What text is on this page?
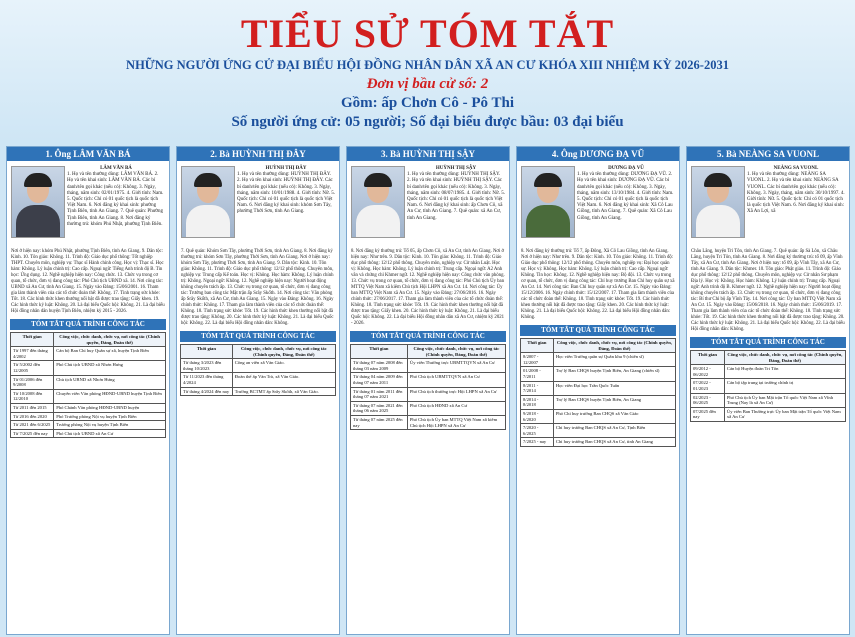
TIỂU SỬ TÓM TẮT
NHỮNG NGƯỜI ỨNG CỬ ĐẠI BIỂU HỘI ĐỒNG NHÂN DÂN XÃ AN CƯ KHÓA XIII NHIỆM KỲ 2026-2031
Đơn vị bầu cử số: 2
Gồm: ấp Chơn Cô - Pô Thi
Số người ứng cử: 05 người; Số đại biểu được bầu: 03 đại biểu
1. Ông LÂM VĂN BÁ
LÂM VĂN BÁ
1. Họ và tên thường dùng: LÂM VĂN BÁ. 2. Họ và tên khai sinh: LÂM VĂN BÁ. Các bí danh/tên gọi khác (nếu có): Không. 3. Ngày, tháng, năm sinh: 02/01/1975. 4. Giới tính: Nam. 5. Quốc tịch: Chỉ có 01 quốc tịch là quốc tịch Việt Nam. 6. Nơi đăng ký khai sinh: phường Tịnh Biên, tỉnh An Giang. 7. Quê quán: Phường Tịnh Biên, tỉnh An Giang. 8. Nơi đăng ký thường trú: khóm Phú Nhật, phường Tịnh Biên.
Nơi ở hiện nay: khóm Phú Nhật, phường Tịnh Biên, tỉnh An Giang. 9. Dân tộc: Kinh. 10. Tôn giáo: Không. 11. Trình độ: Giáo dục phổ thông: Tốt nghiệp THPT. Chuyên môn, nghiệp vụ: Thạc sĩ Hành chính công. Học vị: Thạc sĩ. Học hàm: Không. Lý luận chính trị: Cao cấp. Ngoại ngữ: Tiếng Anh trình độ B. Tin học: Ứng dụng. 12. Nghề nghiệp hiện nay: Công chức. 13. Chức vụ trong cơ quan, tổ chức, đơn vị đang công tác: Phó Chủ tịch UBND xã. 14. Nơi công tác: UBND xã An Cư, tỉnh An Giang. 15. Ngày vào Đảng: 15/06/2001. 16. Tham gia làm thành viên của các tổ chức đoàn thể: Không. 17. Tình trạng sức khỏe: Tốt. 18. Các hình thức khen thưởng nổi bật đã được trao tặng: Giấy khen. 19. Các hình thức kỷ luật: Không. 20. Là đại biểu Quốc hội: Không. 21. Là đại biểu Hội đồng nhân dân huyện Tịnh Biên, nhiệm kỳ 2015 - 2026.
TÓM TẮT QUÁ TRÌNH CÔNG TÁC
Thời gian	Công việc, chức danh, chức vụ, nơi công tác (Chính quyền, Đảng, Đoàn thể)
Từ 1997 đến tháng 4/2002	Cán bộ Ban Chỉ huy Quân sự xã, huyện Tịnh Biên
Từ 5/2002 đến 12/2005	Phó Chủ tịch UBND xã Nhơn Hưng
Từ 01/2006 đến 9/2008	Chủ tịch UBND xã Nhơn Hưng
Từ 10/2008 đến 12/2010	Chuyên viên Văn phòng HĐND-UBND huyện Tịnh Biên
Từ 2011 đến 2015	Phó Chánh Văn phòng HĐND-UBND huyện
Từ 2016 đến 2020	Phó Trưởng phòng Nội vụ huyện Tịnh Biên
Từ 2021 đến 6/2025	Trưởng phòng Nội vụ huyện Tịnh Biên
Từ 7/2025 đến nay	Phó Chủ tịch UBND xã An Cư
2. Bà HUỲNH THỊ ĐÂY
HUỲNH THỊ ĐÂY
1. Họ và tên thường dùng: HUỲNH THỊ ĐÂY. 2. Họ và tên khai sinh: HUỲNH THỊ ĐÂY. Các bí danh/tên gọi khác (nếu có): Không. 3. Ngày, tháng, năm sinh: 10/01/1988. 4. Giới tính: Nữ. 5. Quốc tịch: Chỉ có 01 quốc tịch là quốc tịch Việt Nam. 6. Nơi đăng ký khai sinh: khóm Sơn Tây, phường Thới Sơn, tỉnh An Giang.
7. Quê quán: Khóm Sơn Tây, phường Thới Sơn, tỉnh An Giang. 8. Nơi đăng ký thường trú: khóm Sơn Tây, phường Thới Sơn, tỉnh An Giang. Nơi ở hiện nay: khóm Sơn Tây, phường Thới Sơn, tỉnh An Giang. 9. Dân tộc: Kinh. 10. Tôn giáo: Không. 11. Trình độ: Giáo dục phổ thông: 12/12 phổ thông. Chuyên môn, nghiệp vụ: Trung cấp Kế toán. Học vị: Không. Học hàm: Không. Lý luận chính trị: Không. Ngoại ngữ: Không. 12. Nghề nghiệp hiện nay: Người hoạt động không chuyên trách ấp. 13. Chức vụ trong cơ quan, tổ chức, đơn vị đang công tác: Trưởng ban công tác Mặt trận ấp Srây Skốth. 14. Nơi công tác: Văn phòng ấp Srây Skốth, xã An Cư, tỉnh An Giang. 15. Ngày vào Đảng: Không. 16. Ngày chính thức: Không. 17. Tham gia làm thành viên của các tổ chức đoàn thể: Không. 18. Tình trạng sức khỏe: Tốt. 19. Các hình thức khen thưởng nổi bật đã được trao tặng: Không. 20. Các hình thức kỷ luật: Không. 21. Là đại biểu Quốc hội: Không. 22. Là đại biểu Hội đồng nhân dân: Không.
TÓM TẮT QUÁ TRÌNH CÔNG TÁC
Thời gian	Công việc, chức danh, chức vụ, nơi công tác (Chính quyền, Đảng, Đoàn thể)
Từ tháng 3/2023 đến tháng 10/2023	Công an viên xã Văn Giáo.
Từ 11/2023 đến tháng 4/2024	Đoàn thể ấp Văn Trà, xã Văn Giáo.
Từ tháng 4/2024 đến nay	Trưởng BCTMT ấp Srây Skốth, xã Văn Giáo.
3. Bà HUỲNH THỊ SẬY
HUỲNH THỊ SẬY
1. Họ và tên thường dùng: HUỲNH THỊ SẬY. 2. Họ và tên khai sinh: HUỲNH THỊ SẬY. Các bí danh/tên gọi khác (nếu có): Không. 3. Ngày, tháng, năm sinh: 08/07/1985. 4. Giới tính: Nữ. 5. Quốc tịch: Chỉ có 01 quốc tịch là quốc tịch Việt Nam. 6. Nơi đăng ký khai sinh: ấp Chơn Cô, xã An Cư, tỉnh An Giang. 7. Quê quán: xã An Cư, tỉnh An Giang.
8. Nơi đăng ký thường trú: Tổ 05, ấp Chơn Cô, xã An Cư, tỉnh An Giang. Nơi ở hiện nay: Như trên. 9. Dân tộc: Kinh. 10. Tôn giáo: Không. 11. Trình độ: Giáo dục phổ thông: 12/12 phổ thông. Chuyên môn, nghiệp vụ: Cử nhân Luật. Học vị: Không. Học hàm: Không. Lý luận chính trị: Trung cấp. Ngoại ngữ: A2 Anh văn và chứng chỉ Khmer ngữ. 12. Nghề nghiệp hiện nay: Công chức văn phòng. 13. Chức vụ trong cơ quan, tổ chức, đơn vị đang công tác: Phó Chủ tịch Ủy ban MTTQ Việt Nam xã kiêm Chủ tịch Hội LHPN xã An Cư. 14. Nơi công tác: Ủy ban MTTQ Việt Nam xã An Cư. 15. Ngày vào Đảng: 27/06/2016. 16. Ngày chính thức: 27/06/2017. 17. Tham gia làm thành viên của các tổ chức đoàn thể: Không. 18. Tình trạng sức khỏe: Tốt. 19. Các hình thức khen thưởng nổi bật đã được trao tặng: Giấy khen. 20. Các hình thức kỷ luật: Không. 21. Là đại biểu Quốc hội: Không. 22. Là đại biểu Hội đồng nhân dân xã An Cư, nhiệm kỳ 2021 - 2026.
TÓM TẮT QUÁ TRÌNH CÔNG TÁC
Thời gian	Công việc, chức danh, chức vụ, nơi công tác (Chính quyền, Đảng, Đoàn thể)
Từ tháng 07 năm 2008 đến tháng 03 năm 2009	Ủy viên Thường trực UBMTTQVN xã An Cư
Từ tháng 04 năm 2009 đến tháng 07 năm 2011	Phó Chủ tịch UBMTTQVN xã An Cư
Từ tháng 01 năm 2011 đến tháng 07 năm 2021	Phó Chủ tịch thường trực Hội LHPN xã An Cư
Từ tháng 07 năm 2021 đến tháng 06 năm 2025	Phó Chủ tịch HĐND xã An Cư
Từ tháng 07 năm 2025 đến nay	Phó Chủ tịch Ủy ban MTTQ Việt Nam xã kiêm Chủ tịch Hội LHPN xã An Cư
4. Ông DƯƠNG ĐẠ VŨ
DƯƠNG ĐẠ VŨ
1. Họ và tên thường dùng: DƯƠNG ĐẠ VŨ. 2. Họ và tên khai sinh: DƯƠNG ĐẠ VŨ. Các bí danh/tên gọi khác (nếu có): Không. 3. Ngày, tháng, năm sinh: 13/10/1984. 4. Giới tính: Nam. 5. Quốc tịch: Chỉ có 01 quốc tịch là quốc tịch Việt Nam. 6. Nơi đăng ký khai sinh: Xã Cô Lau Giồng, tỉnh An Giang. 7. Quê quán: Xã Cô Lau Giồng, tỉnh An Giang.
8. Nơi đăng ký thường trú: Tổ 7, ấp Đông, Xã Cô Lau Giồng, tỉnh An Giang. Nơi ở hiện nay: Như trên. 9. Dân tộc: Kinh. 10. Tôn giáo: Không. 11. Trình độ: Giáo dục phổ thông: 12/12 phổ thông. Chuyên môn, nghiệp vụ: Đại học quân sự. Học vị: Không. Học hàm: Không. Lý luận chính trị: Cao cấp. Ngoại ngữ: Không. Tin học: Không. 12. Nghề nghiệp hiện nay: Bộ đội. 13. Chức vụ trong cơ quan, tổ chức, đơn vị đang công tác: Chỉ huy trưởng Ban Chỉ huy quân sự xã An Cư. 14. Nơi công tác: Ban Chỉ huy quân sự xã An Cư. 15. Ngày vào Đảng: 15/12/2006. 16. Ngày chính thức: 15/12/2007. 17. Tham gia làm thành viên của các tổ chức đoàn thể: Không. 18. Tình trạng sức khỏe: Tốt. 19. Các hình thức khen thưởng nổi bật đã được trao tặng: Giấy khen. 20. Các hình thức kỷ luật: Không. 21. Là đại biểu Quốc hội: Không. 22. Là đại biểu Hội đồng nhân dân: Không.
TÓM TẮT QUÁ TRÌNH CÔNG TÁC
Thời gian	Công việc, chức danh, chức vụ, nơi công tác (Chính quyền, Đảng, Đoàn thể)
8/2007 - 12/2007	Học viên Trường quân sự Quân khu 9 (chiến sĩ)
01/2008 - 7/2011	Trợ lý Ban CHQS huyện Tịnh Biên, An Giang (chiến sĩ)
8/2011 - 7/2014	Học viên Đại học Trần Quốc Tuấn
8/2014 - 8/2018	Trợ lý Ban CHQS huyện Tịnh Biên, An Giang
9/2018 - 6/2020	Phó Chỉ huy trưởng Ban CHQS xã Văn Giáo
7/2020 - 6/2025	Chỉ huy trưởng Ban CHQS xã An Cư, Tịnh Biên
7/2025 - nay	Chỉ huy trưởng Ban CHQS xã An Cư, tỉnh An Giang
5. Bà NEÀNG SA VUONL
NEÀNG SA VUONL
1. Họ và tên thường dùng: NEÀNG SA VUONL. 2. Họ và tên khai sinh: NEÀNG SA VUONL. Các bí danh/tên gọi khác (nếu có): Không. 3. Ngày, tháng, năm sinh: 30/10/1997. 4. Giới tính: Nữ. 5. Quốc tịch: Chỉ có 01 quốc tịch là quốc tịch Việt Nam. 6. Nơi đăng ký khai sinh: Xã An Lợi, xã
Châu Lăng, huyện Tri Tôn, tỉnh An Giang. 7. Quê quán: ấp Sà Lôn, xã Châu Lăng, huyện Tri Tôn, tỉnh An Giang. 8. Nơi đăng ký thường trú: tổ 09, ấp Vĩnh Tây, xã An Cư, tỉnh An Giang. Nơi ở hiện nay: tổ 09, ấp Vĩnh Tây, xã An Cư, tỉnh An Giang. 9. Dân tộc: Khmer. 10. Tôn giáo: Phật giáo. 11. Trình độ: Giáo dục phổ thông: 12/12 phổ thông. Chuyên môn, nghiệp vụ: Cử nhân Sư phạm Địa lý. Học vị: Không. Học hàm: Không. Lý luận chính trị: Trung cấp. Ngoại ngữ: Anh trình độ B. Khmer ngữ. 12. Nghề nghiệp hiện nay: Người hoạt động không chuyên trách ấp. 13. Chức vụ trong cơ quan, tổ chức, đơn vị đang công tác: Bí thư Chi bộ ấp Vĩnh Tây. 14. Nơi công tác: Ủy ban MTTQ Việt Nam xã An Cư. 15. Ngày vào Đảng: 15/06/2018. 16. Ngày chính thức: 15/06/2019. 17. Tham gia làm thành viên của các tổ chức đoàn thể: Không. 18. Tình trạng sức khỏe: Tốt. 19. Các hình thức khen thưởng nổi bật đã được trao tặng: Không. 20. Các hình thức kỷ luật: Không. 21. Là đại biểu Quốc hội: Không. 22. Là đại biểu Hội đồng nhân dân: Không.
TÓM TẮT QUÁ TRÌNH CÔNG TÁC
Thời gian	Công việc, chức danh, chức vụ, nơi công tác (Chính quyền, Đảng, Đoàn thể)
09/2012 - 06/2022	Cán bộ Huyện đoàn Tri Tôn
07/2022 - 01/2023	Cán bộ tập trung tại trường chính trị
02/2023 - 06/2025	Phó Chủ tịch Ủy ban Mặt trận Tổ quốc Việt Nam xã Vĩnh Trung (Nay là xã An Cư)
07/2025 đến nay	Ủy viên Ban Thường trực Ủy ban Mặt trận Tổ quốc Việt Nam xã An Cư
